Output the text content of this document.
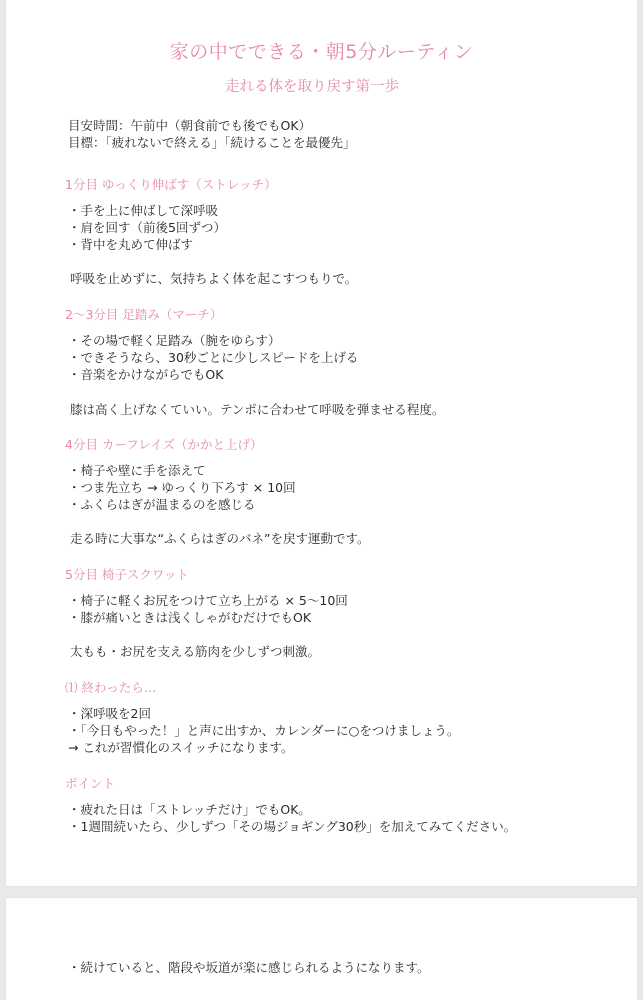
家の中でできる・朝5分ルーティン
走れる体を取り戻す第一歩
目安時間：午前中（朝食前でも後でもOK）
目標：「疲れないで終える」「続けることを最優先」
1分目 ゆっくり伸ばす（ストレッチ）
・手を上に伸ばして深呼吸
・肩を回す（前後5回ずつ）
・背中を丸めて伸ばす
呼吸を止めずに、気持ちよく体を起こすつもりで。
2〜3分目 足踏み（マーチ）
・その場で軽く足踏み（腕をゆらす）
・できそうなら、30秒ごとに少しスピードを上げる
・音楽をかけながらでもOK
膝は高く上げなくていい。テンポに合わせて呼吸を弾ませる程度。
4分目 カーフレイズ（かかと上げ）
・椅子や壁に手を添えて
・つま先立ち → ゆっくり下ろす × 10回
・ふくらはぎが温まるのを感じる
走る時に大事な“ふくらはぎのバネ”を戻す運動です。
5分目 椅子スクワット
・椅子に軽くお尻をつけて立ち上がる × 5〜10回
・膝が痛いときは浅くしゃがむだけでもOK
太もも・お尻を支える筋肉を少しずつ刺激。
⑴ 終わったら…
・深呼吸を2回
・「今日もやった！」と声に出すか、カレンダーに○をつけましょう。
→ これが習慣化のスイッチになります。
ポイント
・疲れた日は「ストレッチだけ」でもOK。
・1週間続いたら、少しずつ「その場ジョギング30秒」を加えてみてください。
・続けていると、階段や坂道が楽に感じられるようになります。
